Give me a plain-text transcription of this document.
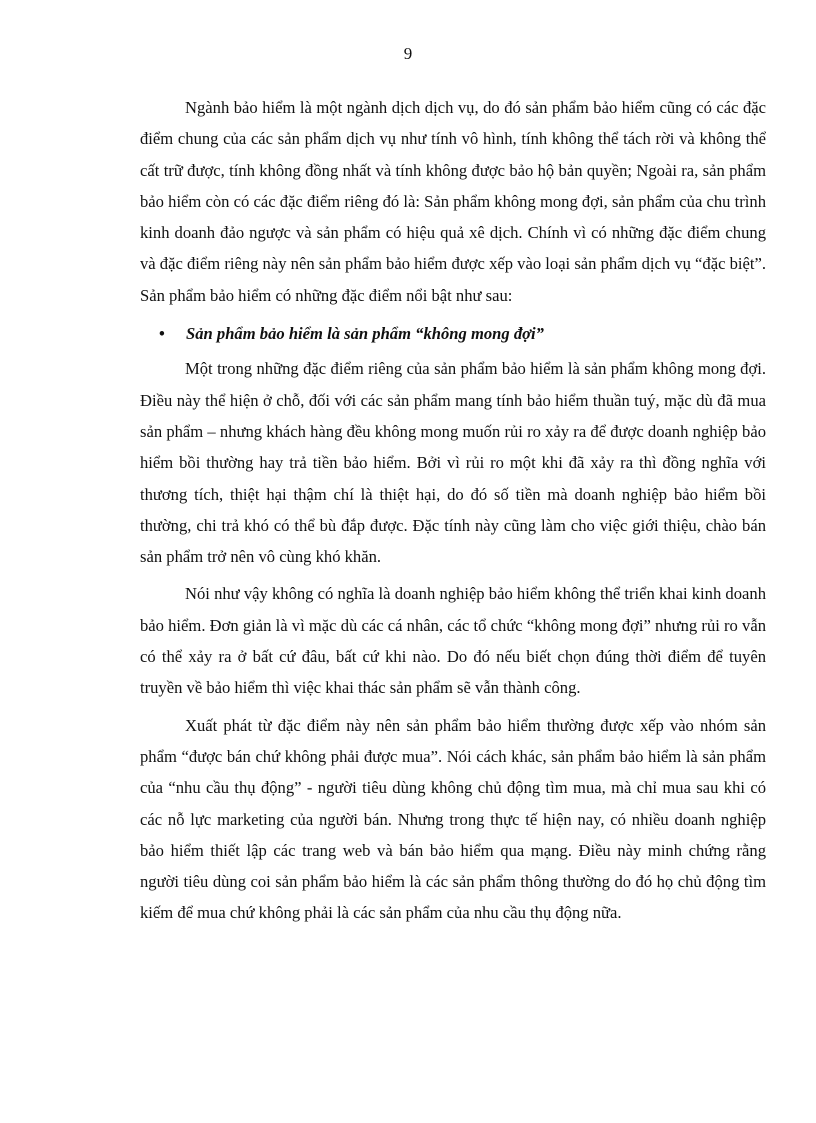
9

Ngành bảo hiểm là một ngành dịch dịch vụ, do đó sản phẩm bảo hiểm cũng có các đặc điểm chung của các sản phẩm dịch vụ như tính vô hình, tính không thể tách rời và không thể cất trữ được, tính không đồng nhất và tính không được bảo hộ bản quyền; Ngoài ra, sản phẩm bảo hiểm còn có các đặc điểm riêng đó là: Sản phẩm không mong đợi, sản phẩm của chu trình kinh doanh đảo ngược và sản phẩm có hiệu quả xê dịch. Chính vì có những đặc điểm chung và đặc điểm riêng này nên sản phẩm bảo hiểm được xếp vào loại sản phẩm dịch vụ “đặc biệt”. Sản phẩm bảo hiểm có những đặc điểm nổi bật như sau:

• Sản phẩm bảo hiểm là sản phẩm “không mong đợi”

Một trong những đặc điểm riêng của sản phẩm bảo hiểm là sản phẩm không mong đợi. Điều này thể hiện ở chỗ, đối với các sản phẩm mang tính bảo hiểm thuần tuý, mặc dù đã mua sản phẩm – nhưng khách hàng đều không mong muốn rủi ro xảy ra để được doanh nghiệp bảo hiểm bồi thường hay trả tiền bảo hiểm. Bởi vì rủi ro một khi đã xảy ra thì đồng nghĩa với thương tích, thiệt hại thậm chí là thiệt hại, do đó số tiền mà doanh nghiệp bảo hiểm bồi thường, chi trả khó có thể bù đắp được. Đặc tính này cũng làm cho việc giới thiệu, chào bán sản phẩm trở nên vô cùng khó khăn.

Nói như vậy không có nghĩa là doanh nghiệp bảo hiểm không thể triển khai kinh doanh bảo hiểm. Đơn giản là vì mặc dù các cá nhân, các tổ chức “không mong đợi” nhưng rủi ro vẫn có thể xảy ra ở bất cứ đâu, bất cứ khi nào. Do đó nếu biết chọn đúng thời điểm để tuyên truyền về bảo hiểm thì việc khai thác sản phẩm sẽ vẫn thành công.

Xuất phát từ đặc điểm này nên sản phẩm bảo hiểm thường được xếp vào nhóm sản phẩm “được bán chứ không phải được mua”. Nói cách khác, sản phẩm bảo hiểm là sản phẩm của “nhu cầu thụ động” - người tiêu dùng không chủ động tìm mua, mà chỉ mua sau khi có các nỗ lực marketing của người bán. Nhưng trong thực tế hiện nay, có nhiều doanh nghiệp bảo hiểm thiết lập các trang web và bán bảo hiểm qua mạng. Điều này minh chứng rằng người tiêu dùng coi sản phẩm bảo hiểm là các sản phẩm thông thường do đó họ chủ động tìm kiếm để mua chứ không phải là các sản phẩm của nhu cầu thụ động nữa.
